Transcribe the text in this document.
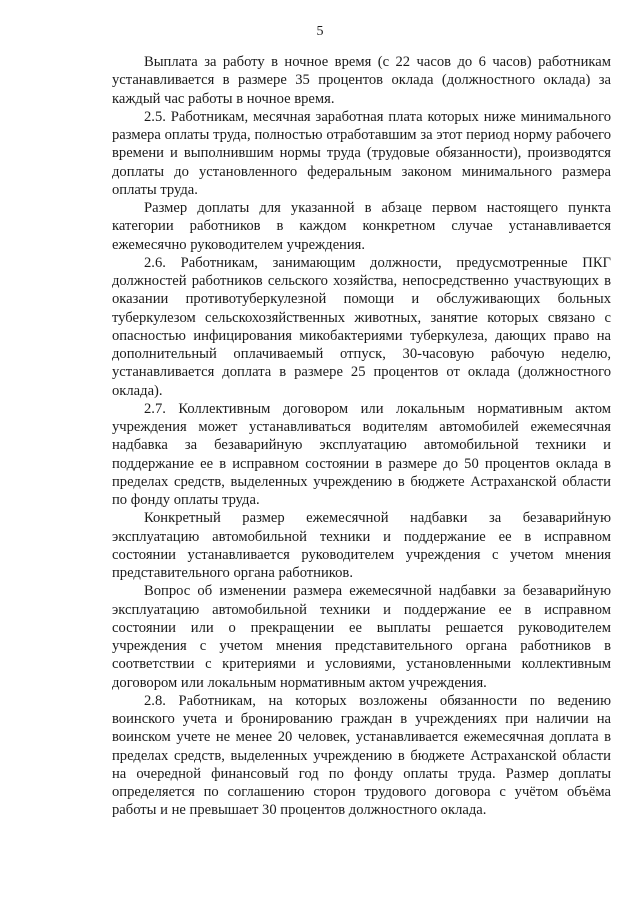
5

Выплата за работу в ночное время (с 22 часов до 6 часов) работникам устанавливается в размере 35 процентов оклада (должностного оклада) за каждый час работы в ночное время.

2.5. Работникам, месячная заработная плата которых ниже минимального размера оплаты труда, полностью отработавшим за этот период норму рабочего времени и выполнившим нормы труда (трудовые обязанности), производятся доплаты до установленного федеральным законом минимального размера оплаты труда.

Размер доплаты для указанной в абзаце первом настоящего пункта категории работников в каждом конкретном случае устанавливается ежемесячно руководителем учреждения.

2.6. Работникам, занимающим должности, предусмотренные ПКГ должностей работников сельского хозяйства, непосредственно участвующих в оказании противотуберкулезной помощи и обслуживающих больных туберкулезом сельскохозяйственных животных, занятие которых связано с опасностью инфицирования микобактериями туберкулеза, дающих право на дополнительный оплачиваемый отпуск, 30-часовую рабочую неделю, устанавливается доплата в размере 25 процентов от оклада (должностного оклада).

2.7. Коллективным договором или локальным нормативным актом учреждения может устанавливаться водителям автомобилей ежемесячная надбавка за безаварийную эксплуатацию автомобильной техники и поддержание ее в исправном состоянии в размере до 50 процентов оклада в пределах средств, выделенных учреждению в бюджете Астраханской области по фонду оплаты труда.

Конкретный размер ежемесячной надбавки за безаварийную эксплуатацию автомобильной техники и поддержание ее в исправном состоянии устанавливается руководителем учреждения с учетом мнения представительного органа работников.

Вопрос об изменении размера ежемесячной надбавки за безаварийную эксплуатацию автомобильной техники и поддержание ее в исправном состоянии или о прекращении ее выплаты решается руководителем учреждения с учетом мнения представительного органа работников в соответствии с критериями и условиями, установленными коллективным договором или локальным нормативным актом учреждения.

2.8. Работникам, на которых возложены обязанности по ведению воинского учета и бронированию граждан в учреждениях при наличии на воинском учете не менее 20 человек, устанавливается ежемесячная доплата в пределах средств, выделенных учреждению в бюджете Астраханской области на очередной финансовый год по фонду оплаты труда. Размер доплаты определяется по соглашению сторон трудового договора с учётом объёма работы и не превышает 30 процентов должностного оклада.
